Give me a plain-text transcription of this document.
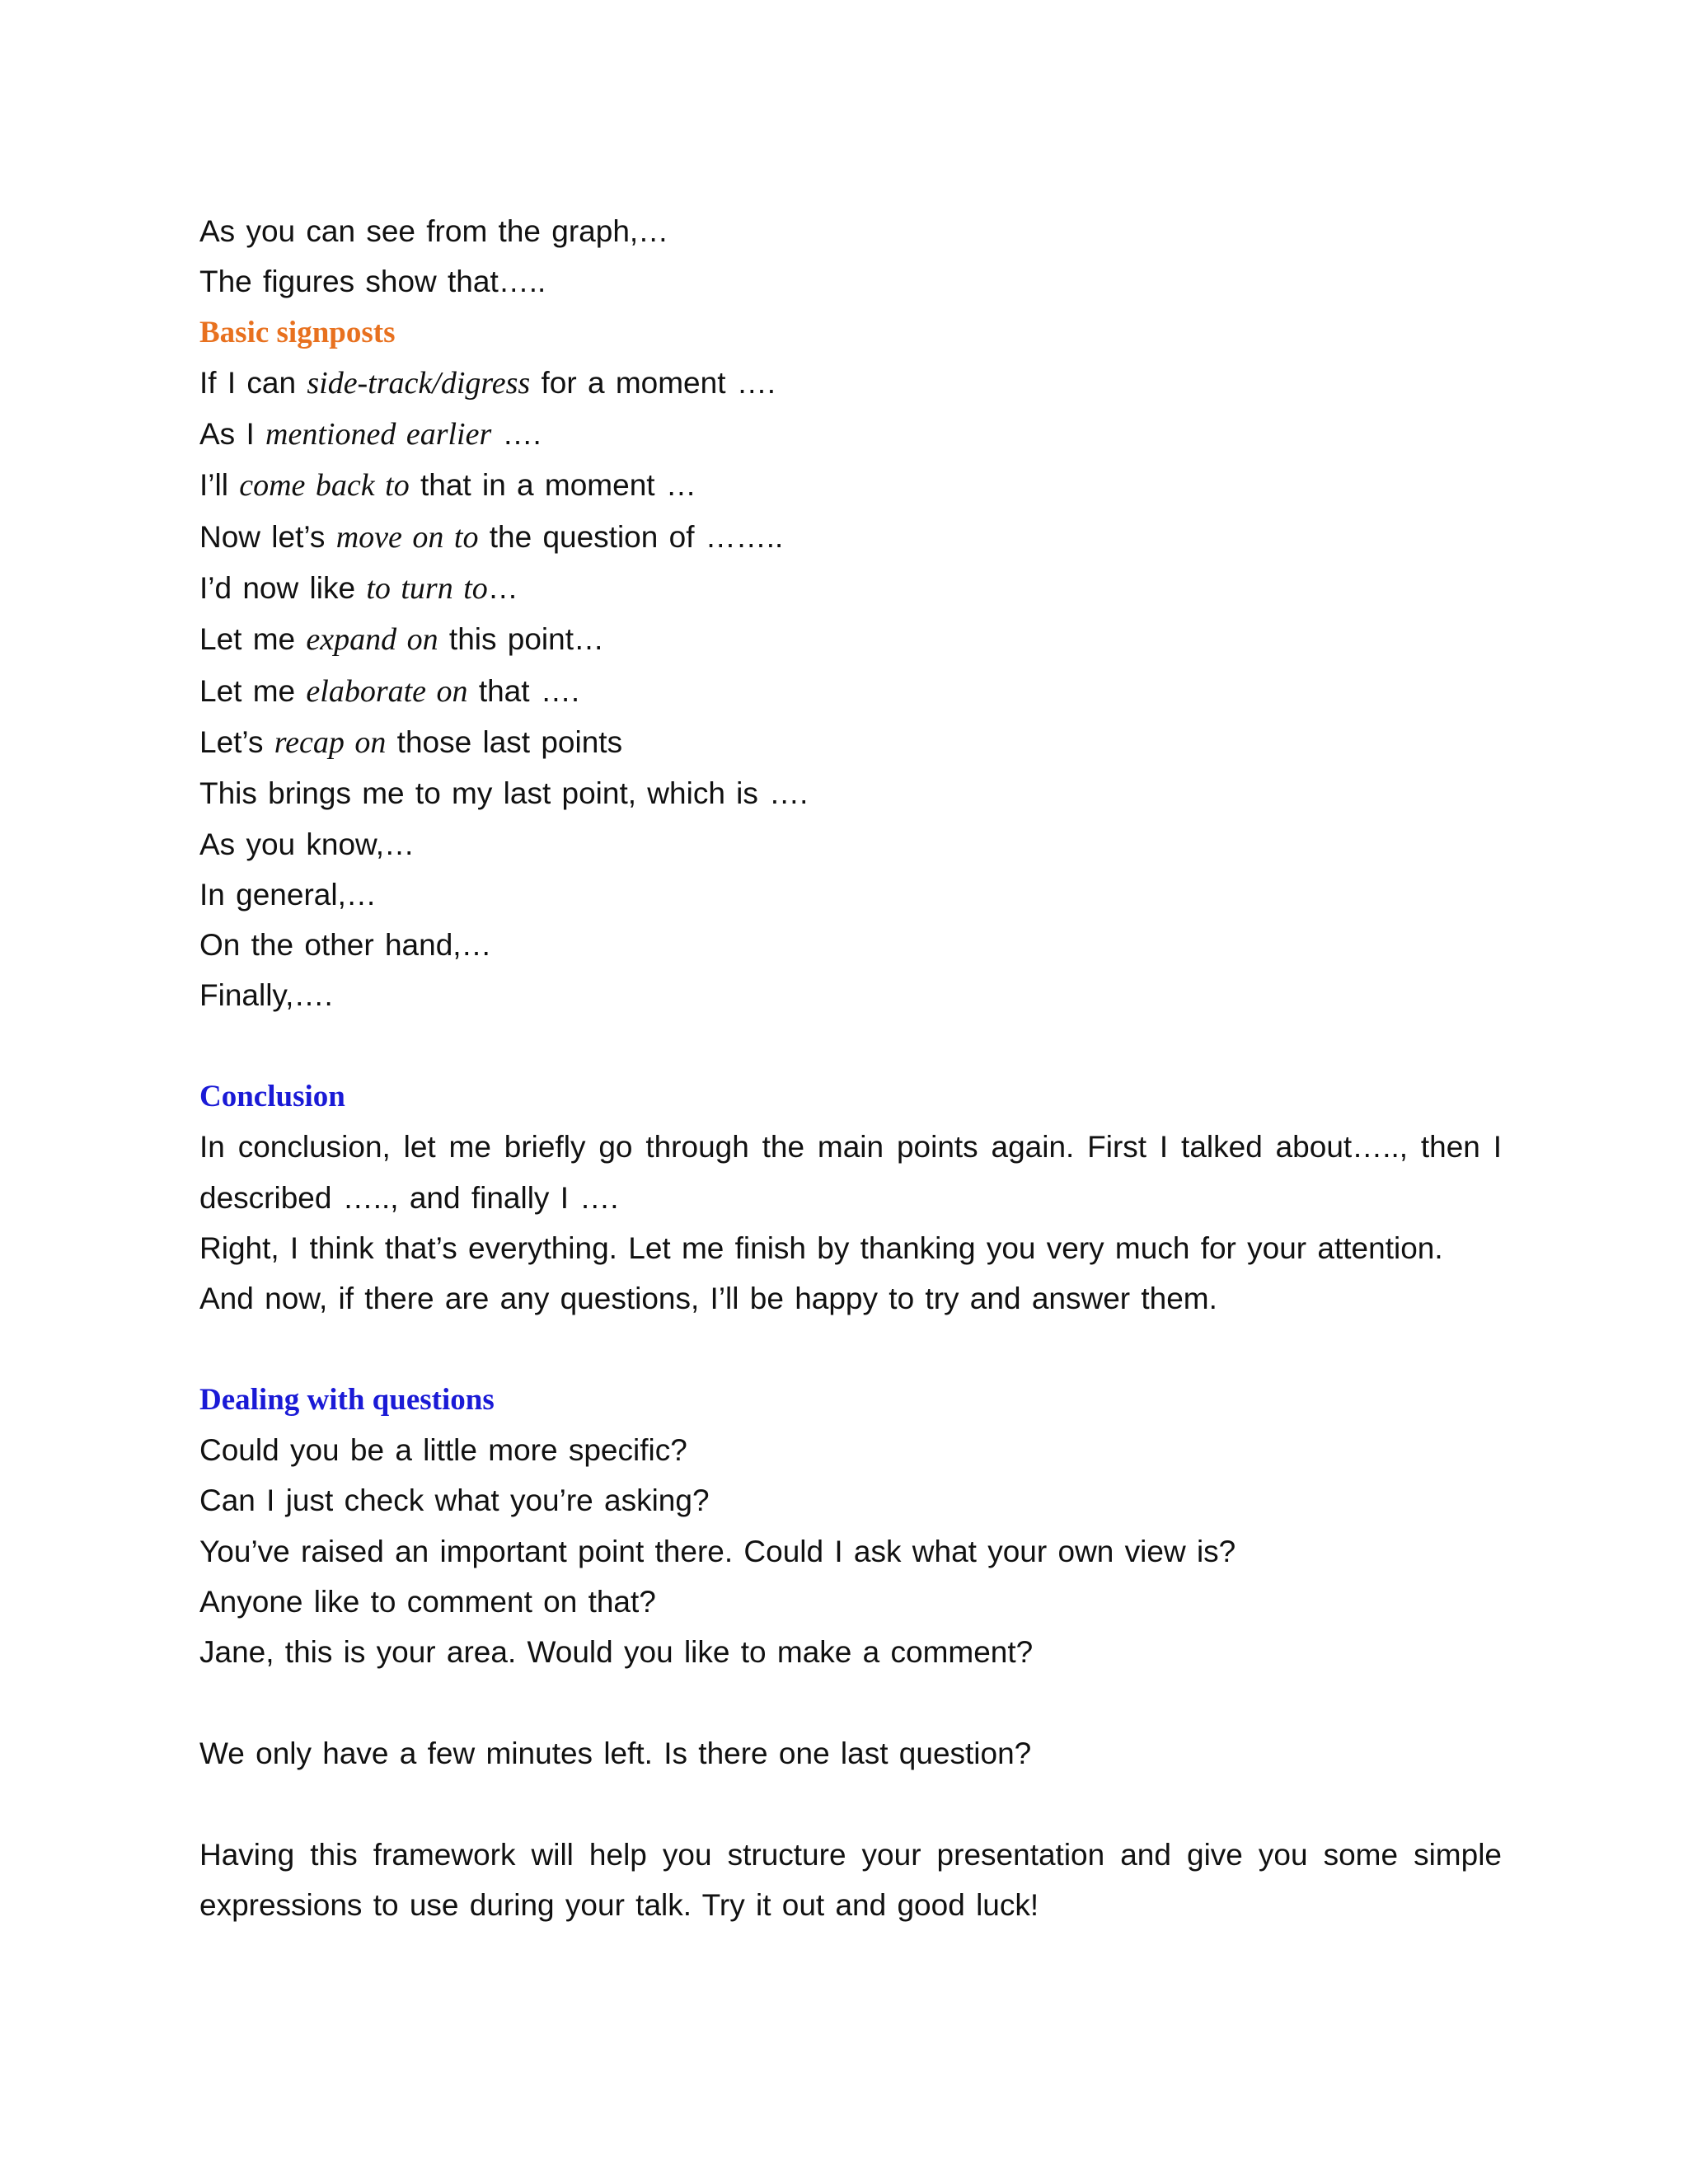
As you can see from the graph,…
The figures show that…..
Basic signposts
If I can side-track/digress for a moment ….
As I mentioned earlier ….
I’ll come back to that in a moment …
Now let’s move on to the question of ……..
I’d now like to turn to…
Let me expand on this point…
Let me elaborate on that ….
Let’s recap on those last points
This brings me to my last point, which is ….
As you know,…
In general,…
On the other hand,…
Finally,….
Conclusion
In conclusion, let me briefly go through the main points again. First I talked about….., then I described ….., and finally I ….
Right, I think that’s everything. Let me finish by thanking you very much for your attention.
And now, if there are any questions, I’ll be happy to try and answer them.
Dealing with questions
Could you be a little more specific?
Can I just check what you’re asking?
You’ve raised an important point there. Could I ask what your own view is?
Anyone like to comment on that?
Jane, this is your area. Would you like to make a comment?
We only have a few minutes left. Is there one last question?
Having this framework will help you structure your presentation and give you some simple expressions to use during your talk. Try it out and good luck!
